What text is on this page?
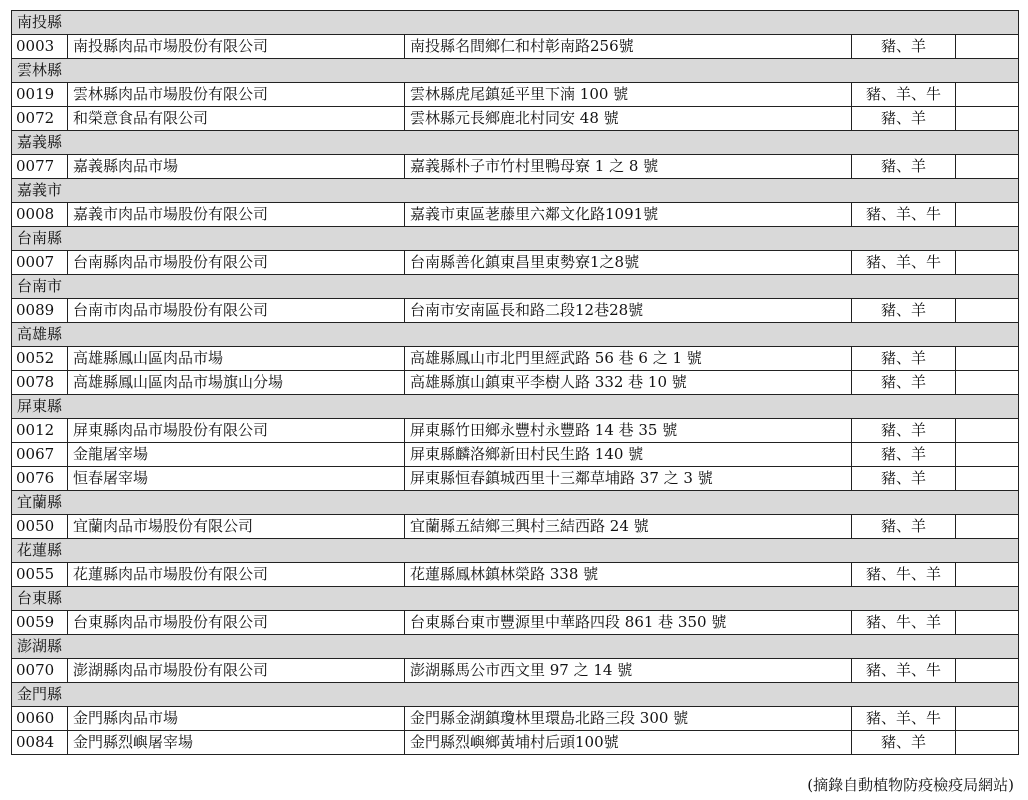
南投縣				
0003	南投縣肉品市場股份有限公司	南投縣名間鄉仁和村彰南路256號	豬、羊	
雲林縣				
0019	雲林縣肉品市場股份有限公司	雲林縣虎尾鎮延平里下湳 100 號	豬、羊、牛	
0072	和榮意食品有限公司	雲林縣元長鄉鹿北村同安 48 號	豬、羊	
嘉義縣				
0077	嘉義縣肉品市場	嘉義縣朴子市竹村里鴨母寮 1 之 8 號	豬、羊	
嘉義市				
0008	嘉義市肉品市場股份有限公司	嘉義市東區荖藤里六鄰文化路1091號	豬、羊、牛	
台南縣				
0007	台南縣肉品市場股份有限公司	台南縣善化鎮東昌里東勢寮1之8號	豬、羊、牛	
台南市				
0089	台南市肉品市場股份有限公司	台南市安南區長和路二段12巷28號	豬、羊	
高雄縣				
0052	高雄縣鳳山區肉品市場	高雄縣鳳山市北門里經武路 56 巷 6 之 1 號	豬、羊	
0078	高雄縣鳳山區肉品市場旗山分場	高雄縣旗山鎮東平李樹人路 332 巷 10 號	豬、羊	
屏東縣				
0012	屏東縣肉品市場股份有限公司	屏東縣竹田鄉永豐村永豐路 14 巷 35 號	豬、羊	
0067	金龍屠宰場	屏東縣麟洛鄉新田村民生路 140 號	豬、羊	
0076	恒春屠宰場	屏東縣恒春鎮城西里十三鄰草埔路 37 之 3 號	豬、羊	
宜蘭縣				
0050	宜蘭肉品市場股份有限公司	宜蘭縣五結鄉三興村三結西路 24 號	豬、羊	
花蓮縣				
0055	花蓮縣肉品市場股份有限公司	花蓮縣鳳林鎮林榮路 338 號	豬、牛、羊	
台東縣				
0059	台東縣肉品市場股份有限公司	台東縣台東市豐源里中華路四段 861 巷 350 號	豬、牛、羊	
澎湖縣				
0070	澎湖縣肉品市場股份有限公司	澎湖縣馬公市西文里 97 之 14 號	豬、羊、牛	
金門縣				
0060	金門縣肉品市場	金門縣金湖鎮瓊林里環島北路三段 300 號	豬、羊、牛	
0084	金門縣烈嶼屠宰場	金門縣烈嶼鄉黃埔村后頭100號	豬、羊	
(摘錄自動植物防疫檢疫局網站)
